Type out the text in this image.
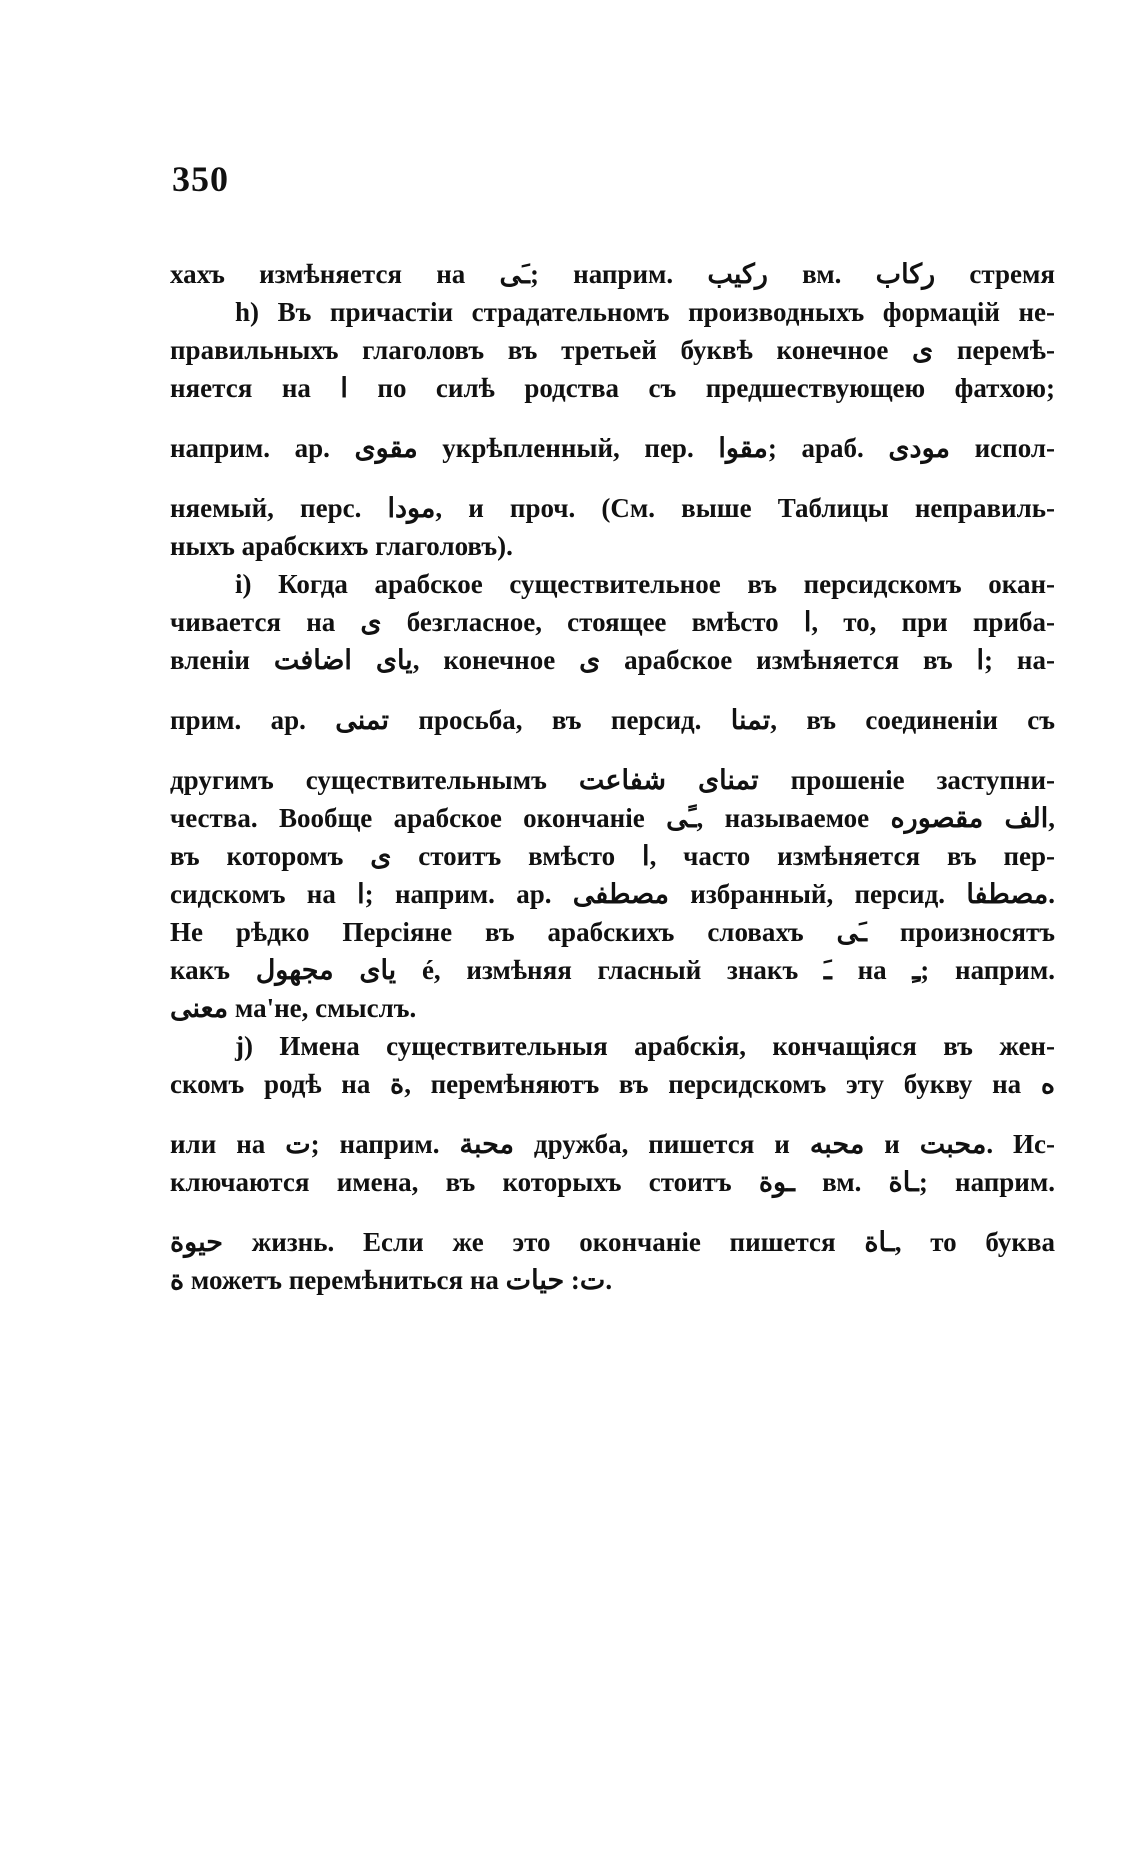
350
хахъ измѣняется на ـَى; наприм. رکیب вм. رکاب стремя
h) Въ причастiи страдательномъ производныхъ формацiй не-
правильныхъ глаголовъ въ третьей буквѣ конечное ى перемѣ-
няется на ا по силѣ родства съ предшествующею фатхою;
наприм. ар. مقوى укрѣпленный, пер. مقوا; араб. مودى испол-
няемый, перс. مودا, и проч. (См. выше Таблицы неправиль-
ныхъ арабскихъ глаголовъ).
i) Когда арабское существительное въ персидскомъ окан-
чивается на ى безгласное, стоящее вмѣсто ا, то, при приба-
вленiи یای اضافت, конечное ى арабское измѣняется въ ا; на-
прим. ар. تمنى просьба, въ персид. تمنا, въ соединенiи съ
другимъ существительнымъ تمنای شفاعت прошенiе заступни-
чества. Вообще арабское окончанiе ـًى, называемое الف مقصوره,
въ которомъ ى стоитъ вмѣсто ا, часто измѣняется въ пер-
сидскомъ на ا; наприм. ар. مصطفى избранный, персид. مصطفا.
Не рѣдко Персiяне въ арабскихъ словахъ ـَى произносятъ
какъ یای مجهول é, измѣняя гласный знакъ ـَ на ـِ; наприм.
معنى ма'не, смыслъ.
j) Имена существительныя арабскiя, кончащiяся въ жен-
скомъ родѣ на ة, перемѣняютъ въ персидскомъ эту букву на ه
или на ت; наприм. محبة дружба, пишется и محبه и محبت. Ис-
ключаются имена, въ которыхъ стоитъ ـوة вм. ـاة; наприм.
حيوة жизнь. Если же это окончанiе пишется ـاة, то буква
ة можетъ перемѣниться на ت: حيات.
